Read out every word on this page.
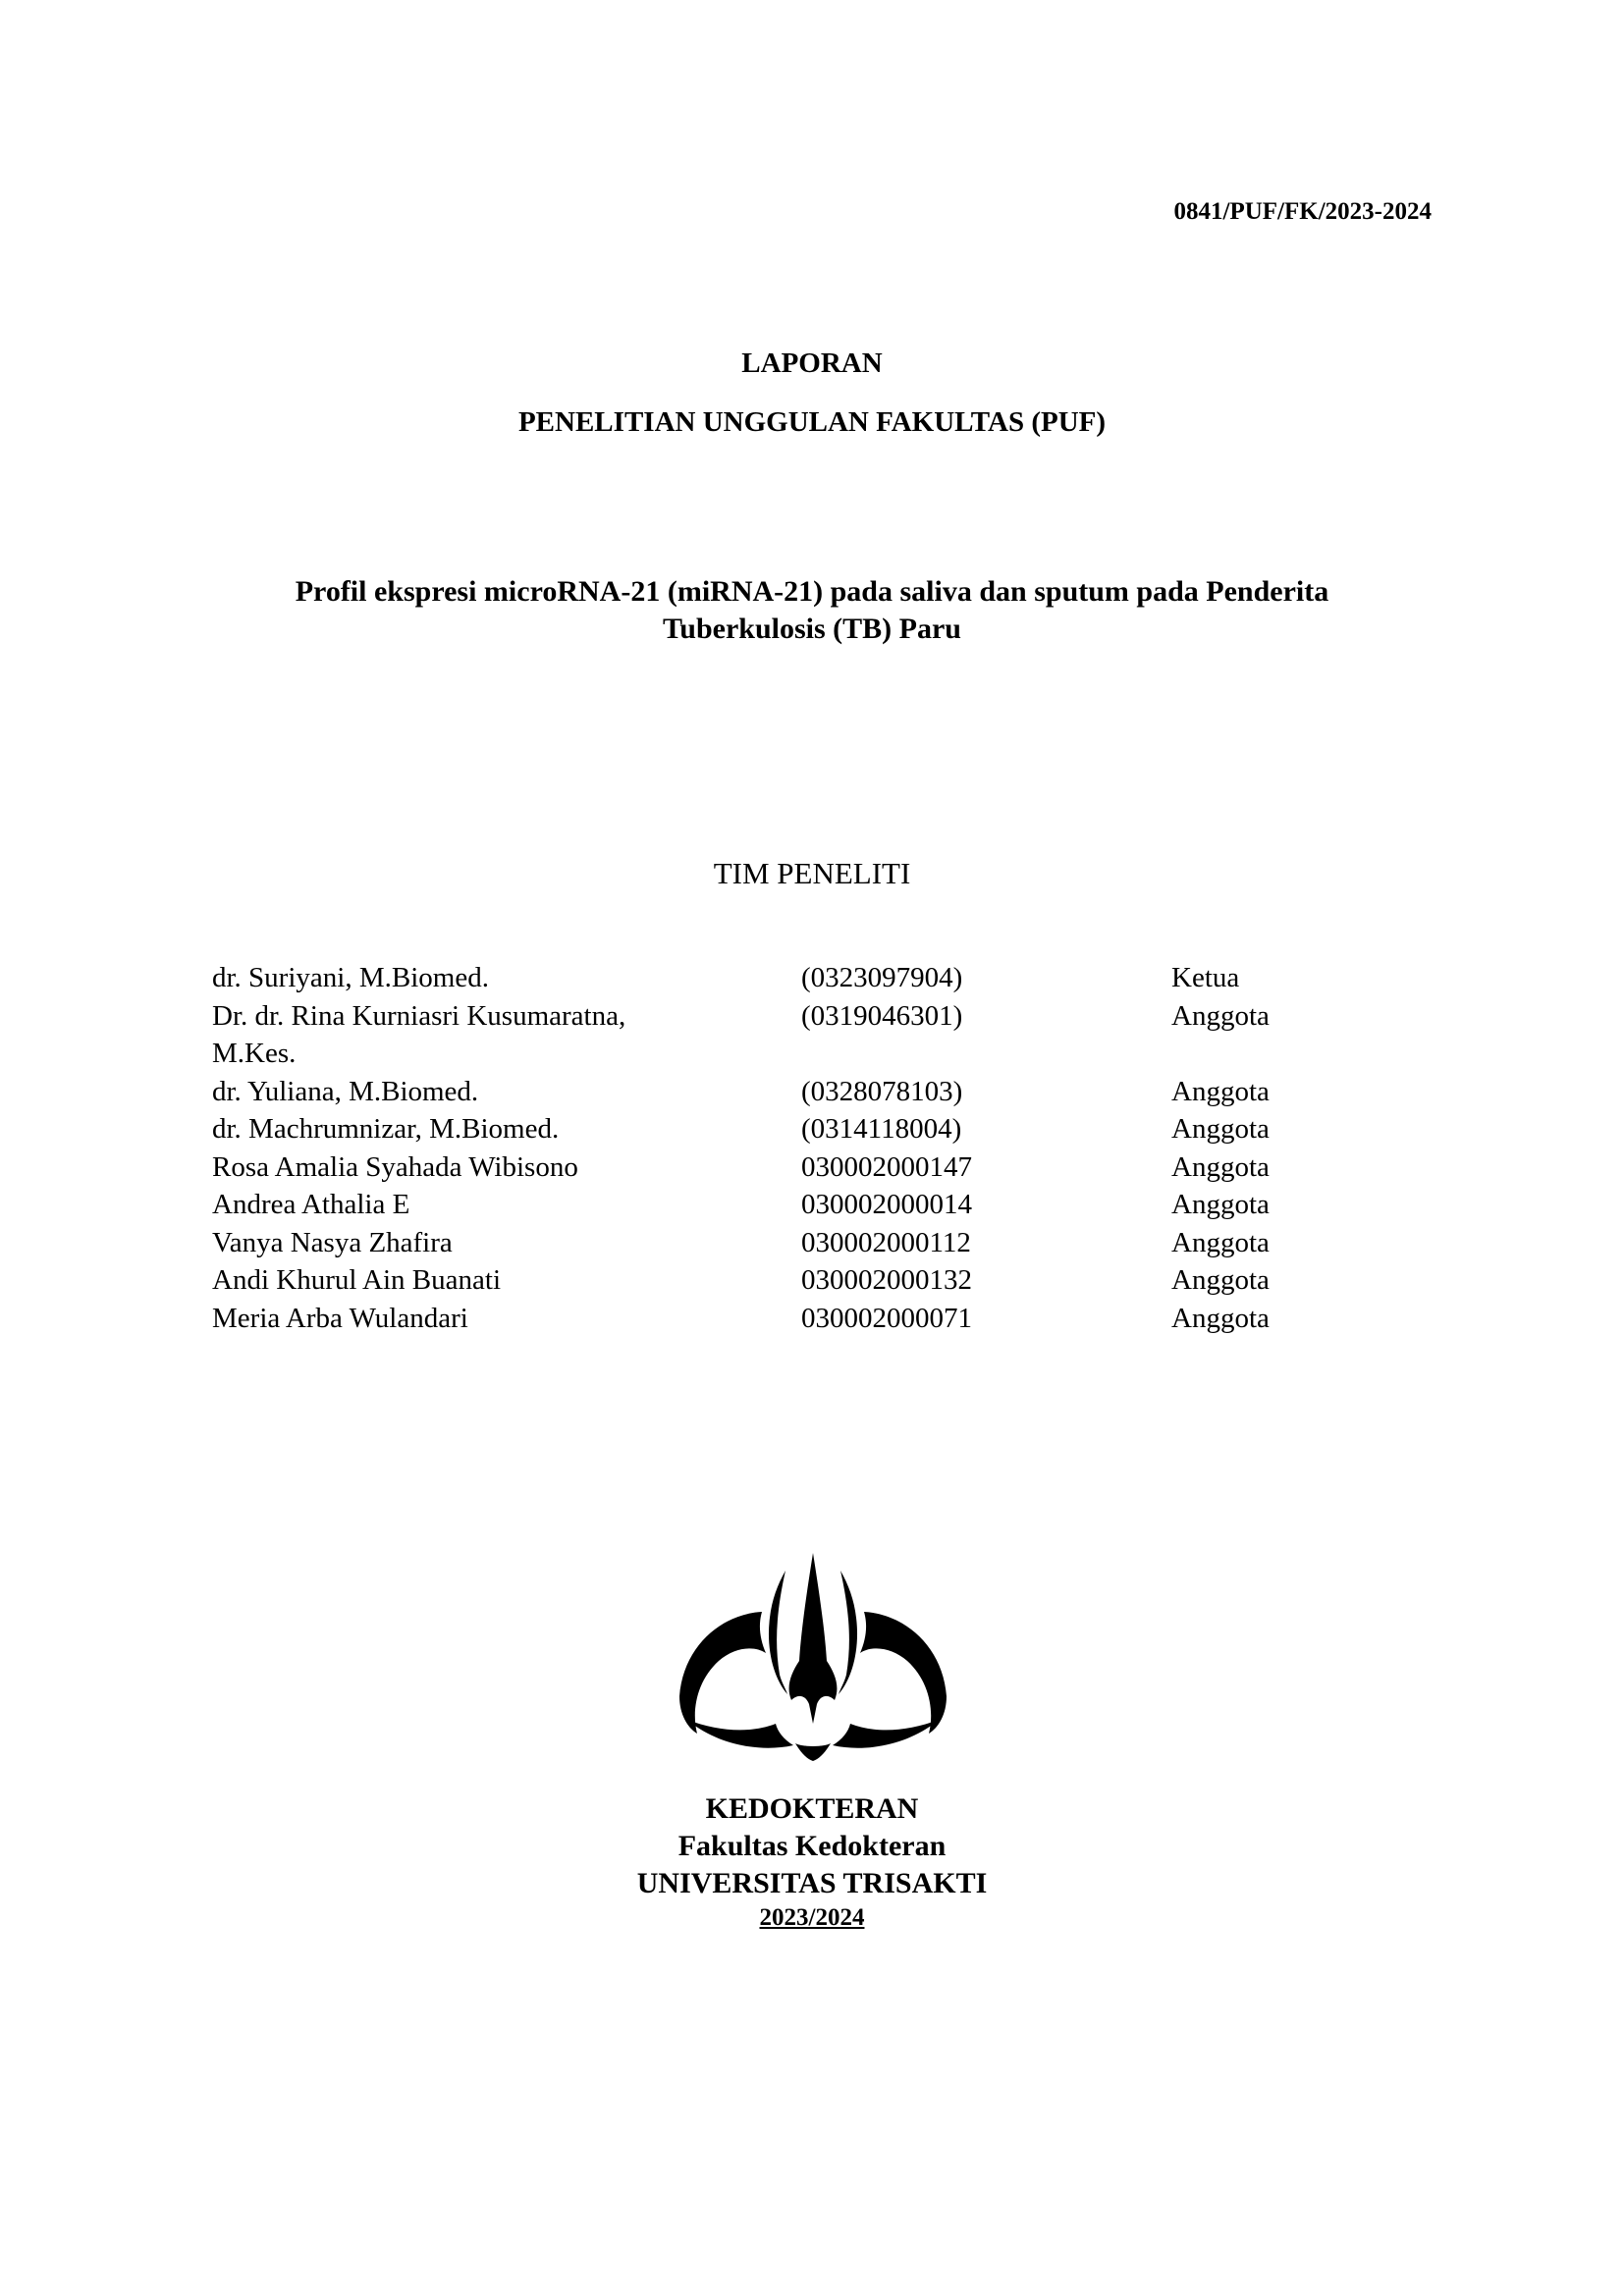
0841/PUF/FK/2023-2024
LAPORAN
PENELITIAN UNGGULAN FAKULTAS (PUF)
Profil ekspresi microRNA-21 (miRNA-21) pada saliva dan sputum pada Penderita
Tuberkulosis (TB) Paru
TIM PENELITI
dr. Suriyani, M.Biomed.	(0323097904)	Ketua
Dr. dr. Rina Kurniasri Kusumaratna,	(0319046301)	Anggota
M.Kes.		
dr. Yuliana, M.Biomed.	(0328078103)	Anggota
dr. Machrumnizar, M.Biomed.	(0314118004)	Anggota
Rosa Amalia Syahada Wibisono	030002000147	Anggota
Andrea Athalia E	030002000014	Anggota
Vanya Nasya Zhafira	030002000112	Anggota
Andi Khurul Ain Buanati	030002000132	Anggota
Meria Arba Wulandari	030002000071	Anggota
KEDOKTERAN
Fakultas Kedokteran
UNIVERSITAS TRISAKTI
2023/2024
